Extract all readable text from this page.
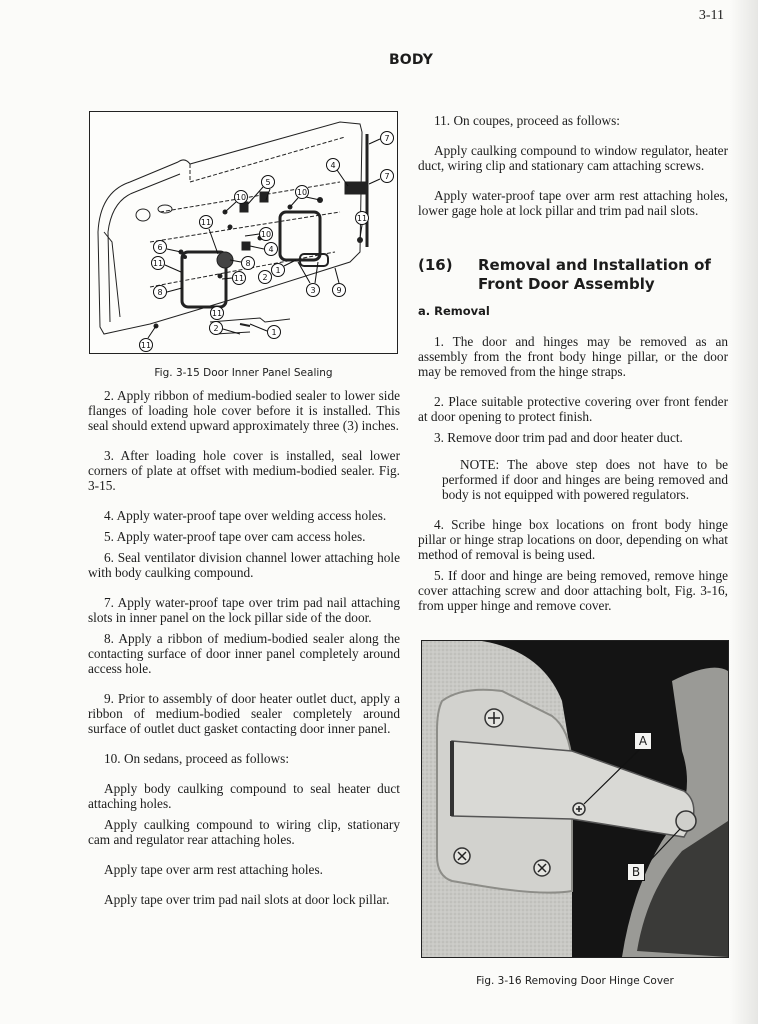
3-11
BODY
7
4
7
5
10
10
11
11
10
6	4
11	8
1
2
11
8	3	9
11
2	1
11
Fig. 3-15 Door Inner Panel Sealing

2. Apply ribbon of medium-bodied sealer to lower side flanges of loading hole cover before it is installed. This seal should extend upward approximately three (3) inches.

3. After loading hole cover is installed, seal lower corners of plate at offset with medium-bodied sealer. Fig. 3-15.

4. Apply water-proof tape over welding access holes.

5. Apply water-proof tape over cam access holes.

6. Seal ventilator division channel lower attaching hole with body caulking compound.

7. Apply water-proof tape over trim pad nail attaching slots in inner panel on the lock pillar side of the door.

8. Apply a ribbon of medium-bodied sealer along the contacting surface of door inner panel completely around access hole.

9. Prior to assembly of door heater outlet duct, apply a ribbon of medium-bodied sealer completely around surface of outlet duct gasket contacting door inner panel.

10. On sedans, proceed as follows:

Apply body caulking compound to seal heater duct attaching holes.

Apply caulking compound to wiring clip, stationary cam and regulator rear attaching holes.

Apply tape over arm rest attaching holes.

Apply tape over trim pad nail slots at door lock pillar.

11. On coupes, proceed as follows:

Apply caulking compound to window regulator, heater duct, wiring clip and stationary cam attaching screws.

Apply water-proof tape over arm rest attaching holes, lower gage hole at lock pillar and trim pad nail slots.

(16) Removal and Installation of Front Door Assembly
a. Removal

1. The door and hinges may be removed as an assembly from the front body hinge pillar, or the door may be removed from the hinge straps.

2. Place suitable protective covering over front fender at door opening to protect finish.

3. Remove door trim pad and door heater duct.

NOTE: The above step does not have to be performed if door and hinges are being removed and body is not equipped with powered regulators.

4. Scribe hinge box locations on front body hinge pillar or hinge strap locations on door, depending on what method of removal is being used.

5. If door and hinge are being removed, remove hinge cover attaching screw and door attaching bolt, Fig. 3-16, from upper hinge and remove cover.

A
B
Fig. 3-16 Removing Door Hinge Cover
